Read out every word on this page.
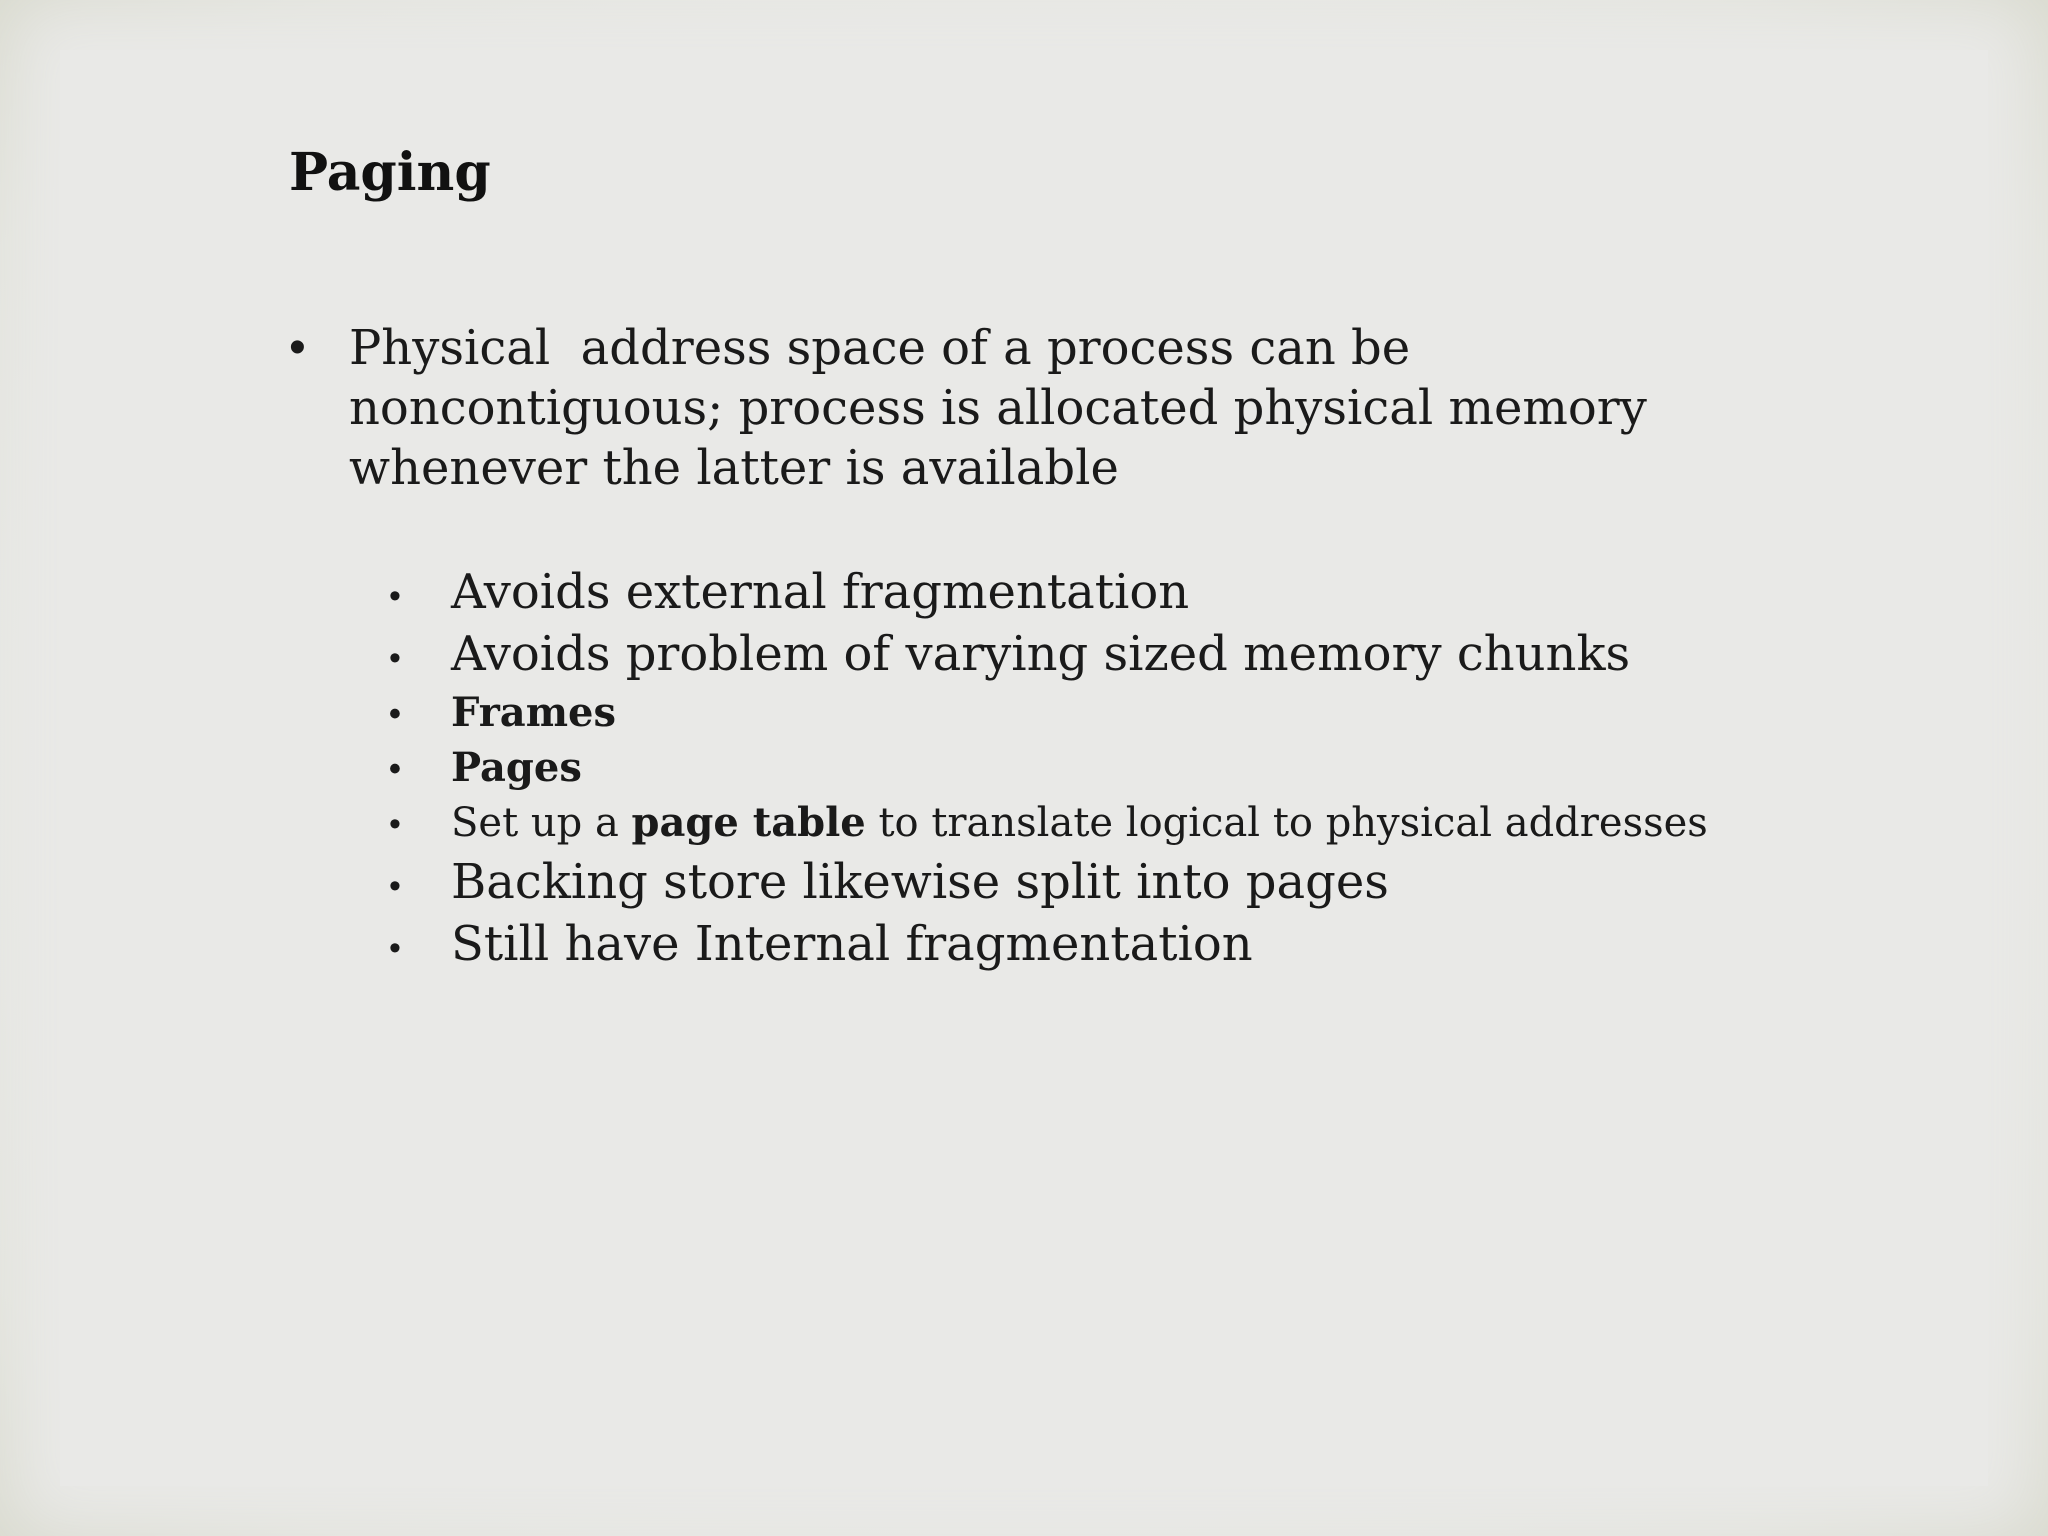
Paging
• Physical  address space of a process can be noncontiguous; process is allocated physical memory whenever the latter is available
• Avoids external fragmentation
• Avoids problem of varying sized memory chunks
• Frames
• Pages
• Set up a page table to translate logical to physical addresses
• Backing store likewise split into pages
• Still have Internal fragmentation
